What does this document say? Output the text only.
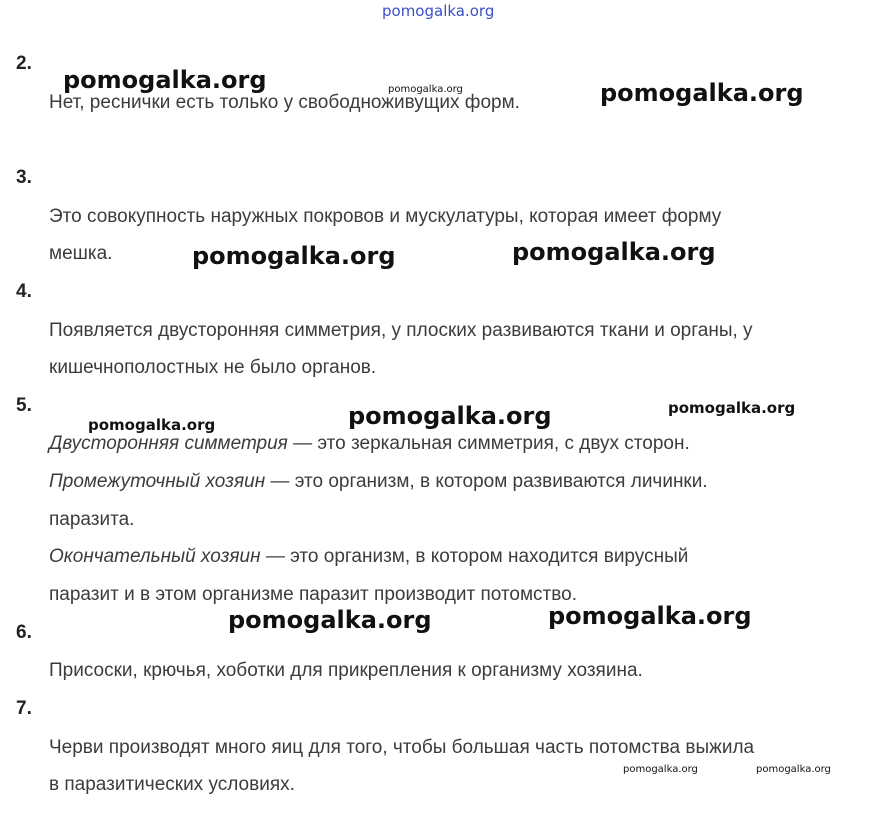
pomogalka.org
2.
Нет, реснички есть только у свободноживущих форм.
3.
Это совокупность наружных покровов и мускулатуры, которая имеет форму
мешка.
4.
Появляется двусторонняя симметрия, у плоских развиваются ткани и органы, у
кишечнополостных не было органов.
5.
Двусторонняя симметрия — это зеркальная симметрия, с двух сторон.
Промежуточный хозяин — это организм, в котором развиваются личинки.
паразита.
Окончательный хозяин — это организм, в котором находится вирусный
паразит и в этом организме паразит производит потомство.
6.
Присоски, крючья, хоботки для прикрепления к организму хозяина.
7.
Черви производят много яиц для того, чтобы большая часть потомства выжила
в паразитических условиях.
pomogalka.org	pomogalka.org	pomogalka.org
pomogalka.org	pomogalka.org
pomogalka.org	pomogalka.org	pomogalka.org
pomogalka.org	pomogalka.org
pomogalka.org	pomogalka.org
